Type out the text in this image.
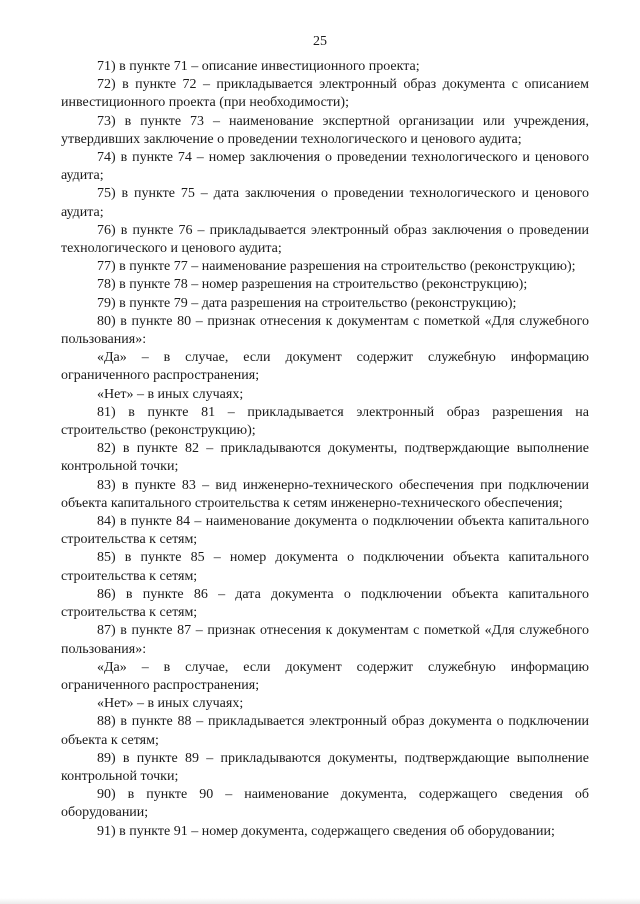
25

71) в пункте 71 – описание инвестиционного проекта;

72) в пункте 72 – прикладывается электронный образ документа с описанием инвестиционного проекта (при необходимости);

73) в пункте 73 – наименование экспертной организации или учреждения, утвердивших заключение о проведении технологического и ценового аудита;

74) в пункте 74 – номер заключения о проведении технологического и ценового аудита;

75) в пункте 75 – дата заключения о проведении технологического и ценового аудита;

76) в пункте 76 – прикладывается электронный образ заключения о проведении технологического и ценового аудита;

77) в пункте 77 – наименование разрешения на строительство (реконструкцию);

78) в пункте 78 – номер разрешения на строительство (реконструкцию);

79) в пункте 79 – дата разрешения на строительство (реконструкцию);

80) в пункте 80 – признак отнесения к документам с пометкой «Для служебного пользования»:

«Да» – в случае, если документ содержит служебную информацию ограниченного распространения;

«Нет» – в иных случаях;

81) в пункте 81 – прикладывается электронный образ разрешения на строительство (реконструкцию);

82) в пункте 82 – прикладываются документы, подтверждающие выполнение контрольной точки;

83) в пункте 83 – вид инженерно-технического обеспечения при подключении объекта капитального строительства к сетям инженерно-технического обеспечения;

84) в пункте 84 – наименование документа о подключении объекта капитального строительства к сетям;

85) в пункте 85 – номер документа о подключении объекта капитального строительства к сетям;

86) в пункте 86 – дата документа о подключении объекта капитального строительства к сетям;

87) в пункте 87 – признак отнесения к документам с пометкой «Для служебного пользования»:

«Да» – в случае, если документ содержит служебную информацию ограниченного распространения;

«Нет» – в иных случаях;

88) в пункте 88 – прикладывается электронный образ документа о подключении объекта к сетям;

89) в пункте 89 – прикладываются документы, подтверждающие выполнение контрольной точки;

90) в пункте 90 – наименование документа, содержащего сведения об оборудовании;

91) в пункте 91 – номер документа, содержащего сведения об оборудовании;
